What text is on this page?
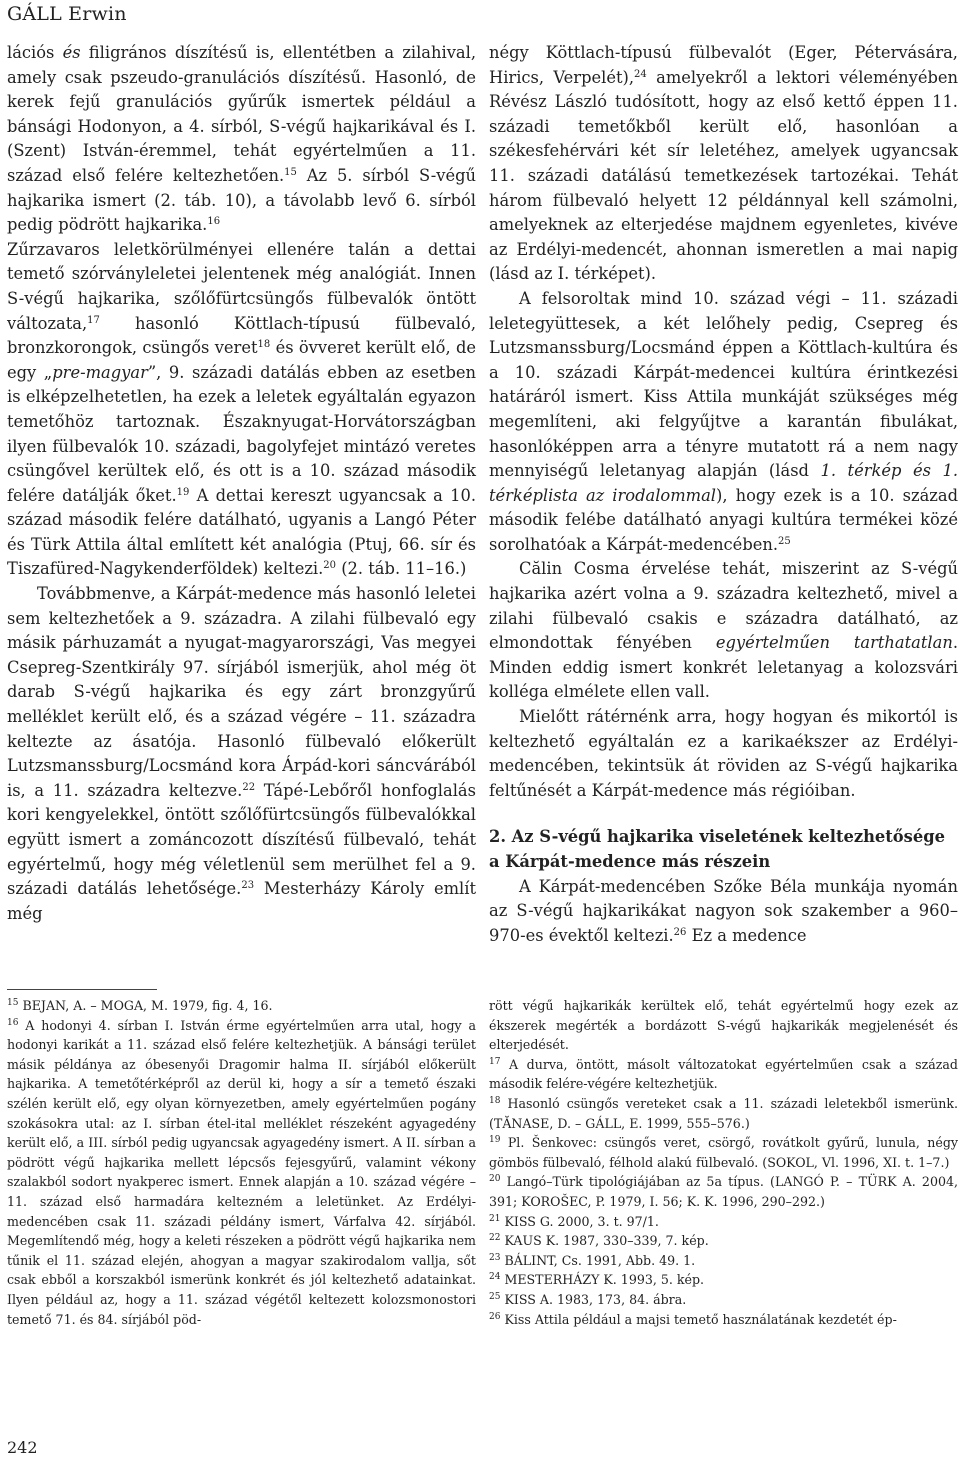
GÁLL Erwin

lációs és filigrános díszítésű is, ellentétben a zilahival, amely csak pszeudo-granulációs díszítésű. Hasonló, de kerek fejű granulációs gyűrűk ismertek például a bánsági Hodonyon, a 4. sírból, S-végű hajkarikával és I. (Szent) István-éremmel, tehát egyértelműen a 11. század első felére keltezhetően.$^{15}$ Az 5. sírból S-végű hajkarika ismert (2. táb. 10), a távolabb levő 6. sírból pedig pödrött hajkarika.$^{16}$

Zűrzavaros leletkörülményei ellenére talán a dettai temető szórványleletei jelentenek még analógiát. Innen S-végű hajkarika, szőlőfürtcsüngős fülbevalók öntött változata,$^{17}$ hasonló Köttlach-típusú fülbevaló, bronzkorongok, csüngős veret$^{18}$ és övveret került elő, de egy „pre-magyar”, 9. századi datálás ebben az esetben is elképzelhetetlen, ha ezek a leletek egyáltalán egyazon temetőhöz tartoznak. Északnyugat-Horvátországban ilyen fülbevalók 10. századi, bagolyfejet mintázó veretes csüngővel kerültek elő, és ott is a 10. század második felére datálják őket.$^{19}$ A dettai kereszt ugyancsak a 10. század második felére datálható, ugyanis a Langó Péter és Türk Attila által említett két analógia (Ptuj, 66. sír és Tiszafüred-Nagykenderföldek) keltezi.$^{20}$ (2. táb. 11–16.)

Továbbmenve, a Kárpát-medence más hasonló leletei sem keltezhetőek a 9. századra. A zilahi fülbevaló egy másik párhuzamát a nyugat-magyarországi, Vas megyei Csepreg-Szentkirály 97. sírjából ismerjük, ahol még öt darab S-végű hajkarika és egy zárt bronzgyűrű melléklet került elő, és a század végére – 11. századra keltezte az ásatója. Hasonló fülbevaló előkerült Lutzsmanssburg/Locsmánd kora Árpád-kori sáncvárából is, a 11. századra keltezve.$^{22}$ Tápé-Lebőről honfoglalás kori kengyelekkel, öntött szőlőfürtcsüngős fülbevalókkal együtt ismert a zománcozott díszítésű fülbevaló, tehát egyértelmű, hogy még véletlenül sem merülhet fel a 9. századi datálás lehetősége.$^{23}$ Mesterházy Károly említ még

négy Köttlach-típusú fülbevalót (Eger, Pétervására, Hirics, Verpelét),$^{24}$ amelyekről a lektori véleményében Révész László tudósított, hogy az első kettő éppen 11. századi temetőkből került elő, hasonlóan a székesfehérvári két sír leletéhez, amelyek ugyancsak 11. századi datálású temetkezések tartozékai. Tehát három fülbevaló helyett 12 példánnyal kell számolni, amelyeknek az elterjedése majdnem egyenletes, kivéve az Erdélyi-medencét, ahonnan ismeretlen a mai napig (lásd az I. térképet).

A felsoroltak mind 10. század végi – 11. századi leletegyüttesek, a két lelőhely pedig, Csepreg és Lutzsmanssburg/Locsmánd éppen a Köttlach-kultúra és a 10. századi Kárpát-medencei kultúra érintkezési határáról ismert. Kiss Attila munkáját szükséges még megemlíteni, aki felgyűjtve a karantán fibulákat, hasonlóképpen arra a tényre mutatott rá a nem nagy mennyiségű leletanyag alapján (lásd 1. térkép és 1. térképlista az irodalommal), hogy ezek is a 10. század második felébe datálható anyagi kultúra termékei közé sorolhatóak a Kárpát-medencében.$^{25}$

Călin Cosma érvelése tehát, miszerint az S-végű hajkarika azért volna a 9. századra keltezhető, mivel a zilahi fülbevaló csakis e századra datálható, az elmondottak fényében egyértelműen tarthatatlan. Minden eddig ismert konkrét leletanyag a kolozsvári kolléga elmélete ellen vall.

Mielőtt rátérnénk arra, hogy hogyan és mikortól is keltezhető egyáltalán ez a karikaékszer az Erdélyi-medencében, tekintsük át röviden az S-végű hajkarika feltűnését a Kárpát-medence más régióiban.

2. Az S-végű hajkarika viseletének keltezhetősége a Kárpát-medence más részein

A Kárpát-medencében Szőke Béla munkája nyomán az S-végű hajkarikákat nagyon sok szakember a 960–970-es évektől keltezi.$^{26}$ Ez a medence

$^{15}$ BEJAN, A. – MOGA, M. 1979, fig. 4, 16.

$^{16}$ A hodonyi 4. sírban I. István érme egyértelműen arra utal, hogy a hodonyi karikát a 11. század első felére keltezhetjük. A bánsági terület másik példánya az óbesenyői Dragomir halma II. sírjából előkerült hajkarika. A temetőtérképről az derül ki, hogy a sír a temető északi szélén került elő, egy olyan környezetben, amely egyértelműen pogány szokásokra utal: az I. sírban étel-ital melléklet részeként agyagedény került elő, a III. sírból pedig ugyancsak agyagedény ismert. A II. sírban a pödrött végű hajkarika mellett lépcsős fejesgyűrű, valamint vékony szalakból sodort nyakperec ismert. Ennek alapján a 10. század végére – 11. század első harmadára keltezném a leletünket. Az Erdélyi-medencében csak 11. századi példány ismert, Várfalva 42. sírjából. Megemlítendő még, hogy a keleti részeken a pödrött végű hajkarika nem tűnik el 11. század elején, ahogyan a magyar szakirodalom vallja, sőt csak ebből a korszakból ismerünk konkrét és jól keltezhető adatainkat. Ilyen például az, hogy a 11. század végétől keltezett kolozsmonostori temető 71. és 84. sírjából pöd-

rött végű hajkarikák kerültek elő, tehát egyértelmű hogy ezek az ékszerek megérték a bordázott S-végű hajkarikák megjelenését és elterjedését.

$^{17}$ A durva, öntött, másolt változatokat egyértelműen csak a század második felére-végére keltezhetjük.

$^{18}$ Hasonló csüngős vereteket csak a 11. századi leletekből ismerünk. (TĂNASE, D. – GÁLL, E. 1999, 555–576.)

$^{19}$ Pl. Šenkovec: csüngős veret, csörgő, rovátkolt gyűrű, lunula, négy gömbös fülbevaló, félhold alakú fülbevaló. (SOKOL, Vl. 1996, XI. t. 1–7.)

$^{20}$ Langó–Türk tipológiájában az 5a típus. (LANGÓ P. – TÜRK A. 2004, 391; KOROŠEC, P. 1979, I. 56; K. K. 1996, 290–292.)

$^{21}$ KISS G. 2000, 3. t. 97/1.

$^{22}$ KAUS K. 1987, 330–339, 7. kép.

$^{23}$ BÁLINT, Cs. 1991, Abb. 49. 1.

$^{24}$ MESTERHÁZY K. 1993, 5. kép.

$^{25}$ KISS A. 1983, 173, 84. ábra.

$^{26}$ Kiss Attila például a majsi temető használatának kezdetét ép-

242
